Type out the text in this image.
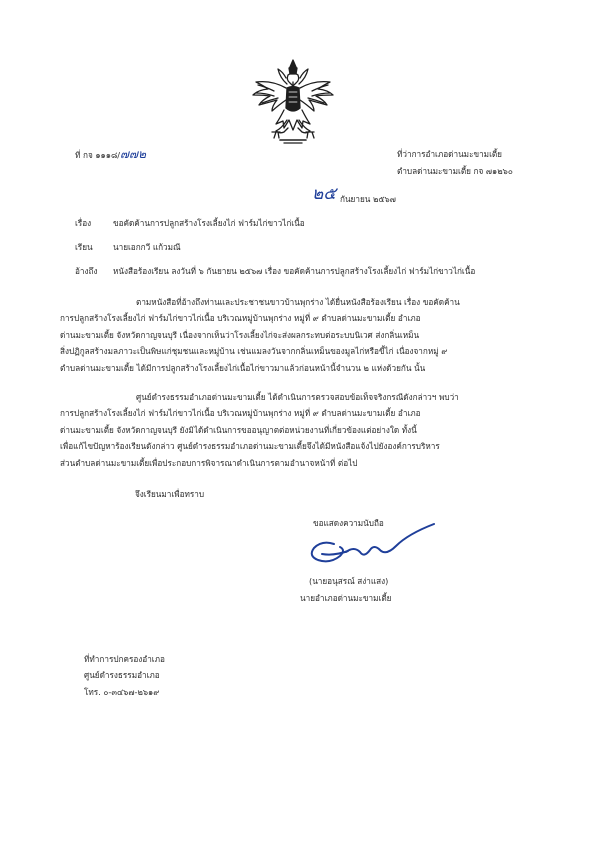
ที่ กจ ๑๑๑๘/๗๗๒	ที่ว่าการอำเภอด่านมะขามเตี้ย
ตำบลด่านมะขามเตี้ย กจ ๗๑๒๖๐
๒๕ กันยายน ๒๕๖๗
เรื่อง	ขอคัดค้านการปลูกสร้างโรงเลี้ยงไก่ ฟาร์มไก่ขาวไก่เนื้อ
เรียน นายเอกกวี แก้วมณี
อ้างถึง หนังสือร้องเรียน ลงวันที่ ๖ กันยายน ๒๕๖๗ เรื่อง ขอคัดค้านการปลูกสร้างโรงเลี้ยงไก่ ฟาร์มไก่ขาวไก่เนื้อ
ตามหนังสือที่อ้างถึงท่านและประชาชนขาวบ้านพุกร่าง ได้ยื่นหนังสือร้องเรียน เรื่อง ขอคัดค้าน
การปลูกสร้างโรงเลี้ยงไก่ ฟาร์มไก่ขาวไก่เนื้อ บริเวณหมู่บ้านพุกร่าง หมู่ที่ ๙ ตำบลด่านมะขามเตี้ย อำเภอ
ด่านมะขามเตี้ย จังหวัดกาญจนบุรี เนื่องจากเห็นว่าโรงเลี้ยงไก่จะส่งผลกระทบต่อระบบนิเวศ ส่งกลิ่นเหม็น
สิ่งปฏิกูลสร้างมลภาวะเป็นพิษแก่ชุมชนและหมู่บ้าน เช่นแมลงวันจากกลิ่นเหม็นของมูลไก่หรือขี้ไก่ เนื่องจากหมู่ ๙
ตำบลด่านมะขามเตี้ย ได้มีการปลูกสร้างโรงเลี้ยงไก่เนื้อไก่ขาวมาแล้วก่อนหน้านี้จำนวน ๒ แห่งด้วยกัน นั้น
ศูนย์ดำรงธรรมอำเภอด่านมะขามเตี้ย ได้ดำเนินการตรวจสอบข้อเท็จจริงกรณีดังกล่าวฯ พบว่า
การปลูกสร้างโรงเลี้ยงไก่ ฟาร์มไก่ขาวไก่เนื้อ บริเวณหมู่บ้านพุกร่าง หมู่ที่ ๙ ตำบลด่านมะขามเตี้ย อำเภอ
ด่านมะขามเตี้ย จังหวัดกาญจนบุรี ยังมิได้ดำเนินการขออนุญาตต่อหน่วยงานที่เกี่ยวข้องแต่อย่างใด ทั้งนี้
เพื่อแก้ไขปัญหาร้องเรียนดังกล่าว ศูนย์ดำรงธรรมอำเภอด่านมะขามเตี้ยจึงได้มีหนังสือแจ้งไปยังองค์การบริหาร
ส่วนตำบลด่านมะขามเตี้ยเพื่อประกอบการพิจารณาดำเนินการตามอำนาจหน้าที่ ต่อไป
จึงเรียนมาเพื่อทราบ
ขอแสดงความนับถือ
(นายอนุสรณ์ สง่าแสง)
นายอำเภอด่านมะขามเตี้ย
ที่ทำการปกครองอำเภอ
ศูนย์ดำรงธรรมอำเภอ
โทร. ๐-๓๔๖๗-๒๖๑๙
